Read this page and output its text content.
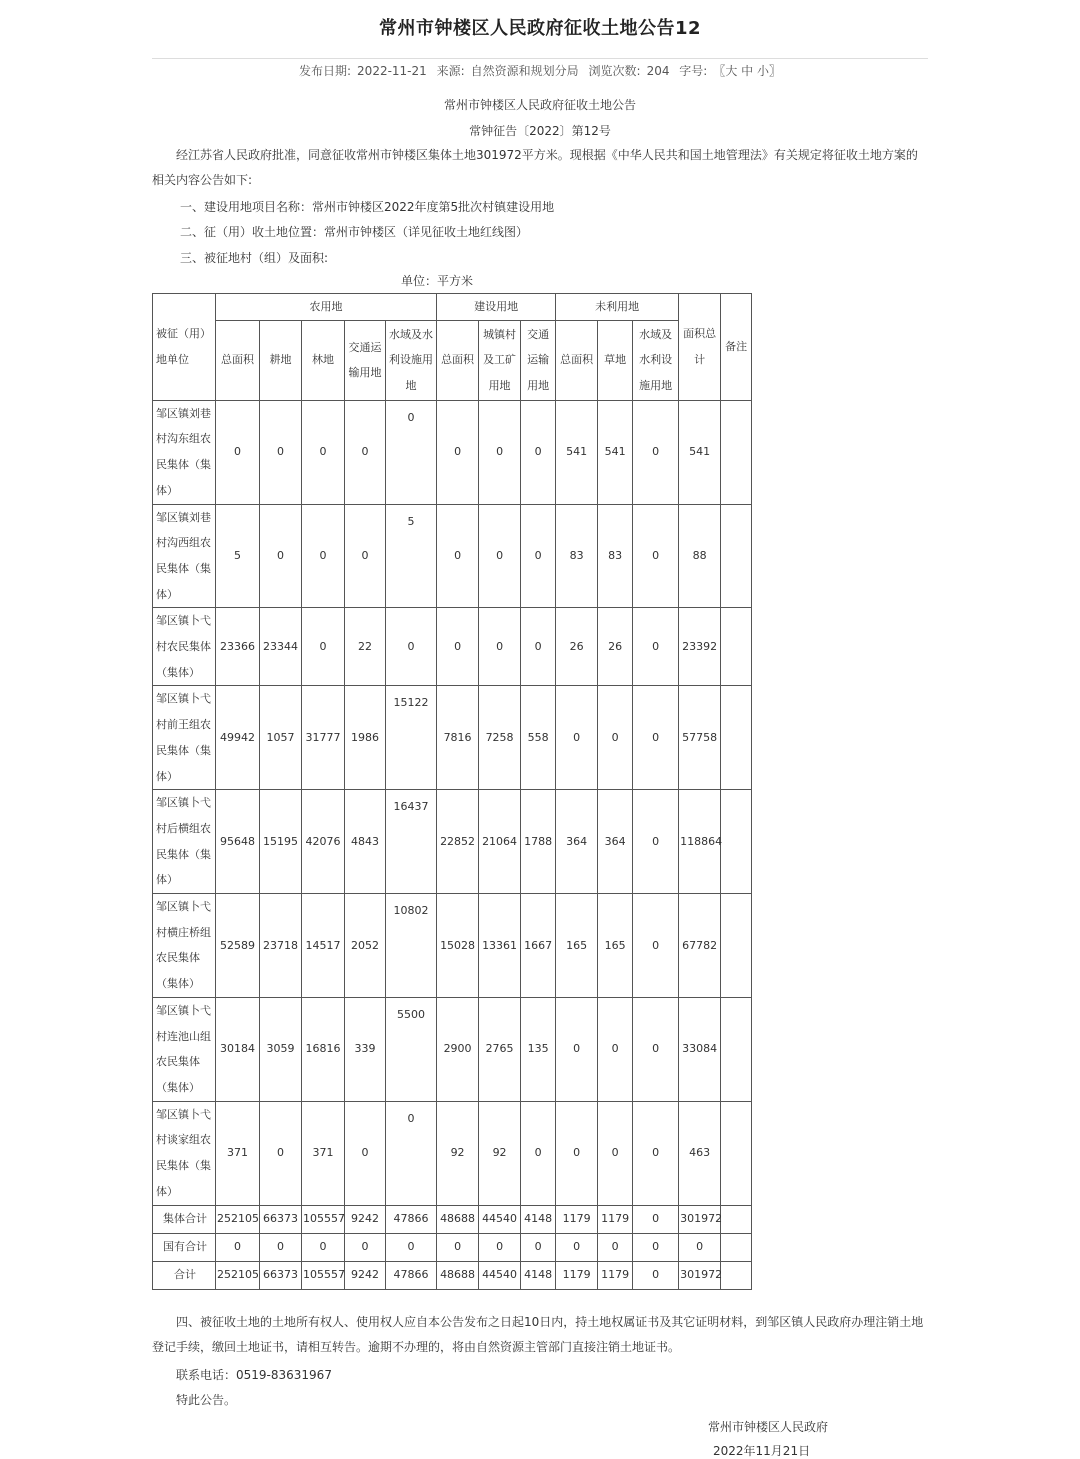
常州市钟楼区人民政府征收土地公告12
发布日期: 2022-11-21 来源: 自然资源和规划分局 浏览次数: 204 字号: 〖大 中 小〗
常州市钟楼区人民政府征收土地公告
常钟征告〔2022〕第12号
经江苏省人民政府批准，同意征收常州市钟楼区集体土地301972平方米。现根据《中华人民共和国土地管理法》有关规定将征收土地方案的相关内容公告如下:
一、建设用地项目名称：常州市钟楼区2022年度第5批次村镇建设用地
二、征（用）收土地位置：常州市钟楼区（详见征收土地红线图）
三、被征地村（组）及面积:
单位：平方米
被征（用）地单位	农用地					建设用地			未利用地			面积总计	备注
	总面积	耕地	林地	交通运输用地	水域及水利设施用地	总面积	城镇村及工矿用地	交通运输用地	总面积	草地	水域及水利设施用地		
邹区镇刘巷村沟东组农民集体（集体）	0	0	0	0	0	0	0	0	541	541	0	541	
邹区镇刘巷村沟西组农民集体（集体）	5	0	0	0	5	0	0	0	83	83	0	88	
邹区镇卜弋村农民集体（集体）	23366	23344	0	22	0	0	0	0	26	26	0	23392	
邹区镇卜弋村前王组农民集体（集体）	49942	1057	31777	1986	15122	7816	7258	558	0	0	0	57758	
邹区镇卜弋村后横组农民集体（集体）	95648	15195	42076	4843	16437	22852	21064	1788	364	364	0	118864	
邹区镇卜弋村横庄桥组农民集体（集体）	52589	23718	14517	2052	10802	15028	13361	1667	165	165	0	67782	
邹区镇卜弋村连池山组农民集体（集体）	30184	3059	16816	339	5500	2900	2765	135	0	0	0	33084	
邹区镇卜弋村谈家组农民集体（集体）	371	0	371	0	0	92	92	0	0	0	0	463	
集体合计	252105	66373	105557	9242	47866	48688	44540	4148	1179	1179	0	301972	
国有合计	0	0	0	0	0	0	0	0	0	0	0	0	
合计	252105	66373	105557	9242	47866	48688	44540	4148	1179	1179	0	301972	
四、被征收土地的土地所有权人、使用权人应自本公告发布之日起10日内，持土地权属证书及其它证明材料，到邹区镇人民政府办理注销土地登记手续，缴回土地证书，请相互转告。逾期不办理的，将由自然资源主管部门直接注销土地证书。
联系电话：0519-83631967
特此公告。
常州市钟楼区人民政府
2022年11月21日
